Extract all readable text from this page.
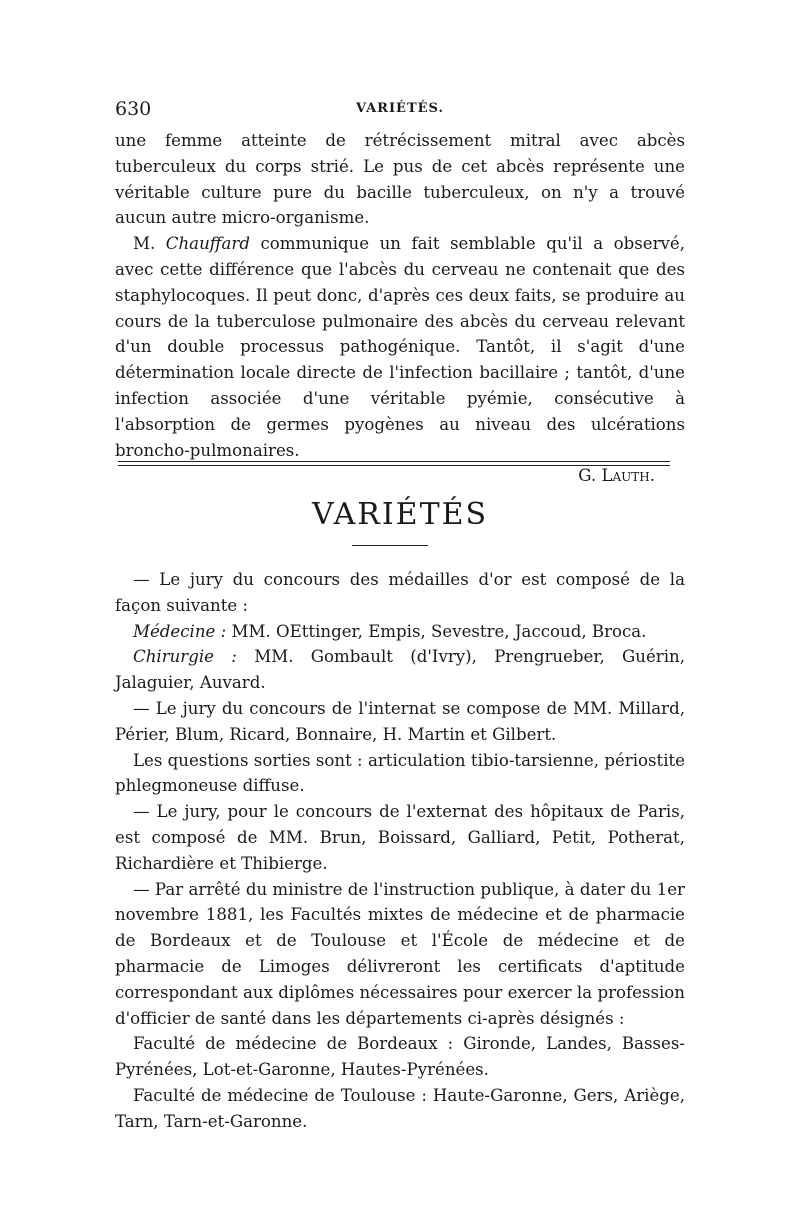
630	VARIÉTÉS.

une femme atteinte de rétrécissement mitral avec abcès tuberculeux du corps strié. Le pus de cet abcès représente une véritable culture pure du bacille tuberculeux, on n'y a trouvé aucun autre micro-organisme.

M. Chauffard communique un fait semblable qu'il a observé, avec cette différence que l'abcès du cerveau ne contenait que des staphylocoques. Il peut donc, d'après ces deux faits, se produire au cours de la tuberculose pulmonaire des abcès du cerveau relevant d'un double processus pathogénique. Tantôt, il s'agit d'une détermination locale directe de l'infection bacillaire ; tantôt, d'une infection associée d'une véritable pyémie, consécutive à l'absorption de germes pyogènes au niveau des ulcérations broncho-pulmonaires.

G. Lauth.

VARIÉTÉS

— Le jury du concours des médailles d'or est composé de la façon suivante :

Médecine : MM. OEttinger, Empis, Sevestre, Jaccoud, Broca.

Chirurgie : MM. Gombault (d'Ivry), Prengrueber, Guérin, Jalaguier, Auvard.

— Le jury du concours de l'internat se compose de MM. Millard, Périer, Blum, Ricard, Bonnaire, H. Martin et Gilbert.

Les questions sorties sont : articulation tibio-tarsienne, périostite phlegmoneuse diffuse.

— Le jury, pour le concours de l'externat des hôpitaux de Paris, est composé de MM. Brun, Boissard, Galliard, Petit, Potherat, Richardière et Thibierge.

— Par arrêté du ministre de l'instruction publique, à dater du 1er novembre 1881, les Facultés mixtes de médecine et de pharmacie de Bordeaux et de Toulouse et l'École de médecine et de pharmacie de Limoges délivreront les certificats d'aptitude correspondant aux diplômes nécessaires pour exercer la profession d'officier de santé dans les départements ci-après désignés :

Faculté de médecine de Bordeaux : Gironde, Landes, Basses-Pyrénées, Lot-et-Garonne, Hautes-Pyrénées.

Faculté de médecine de Toulouse : Haute-Garonne, Gers, Ariège, Tarn, Tarn-et-Garonne.
